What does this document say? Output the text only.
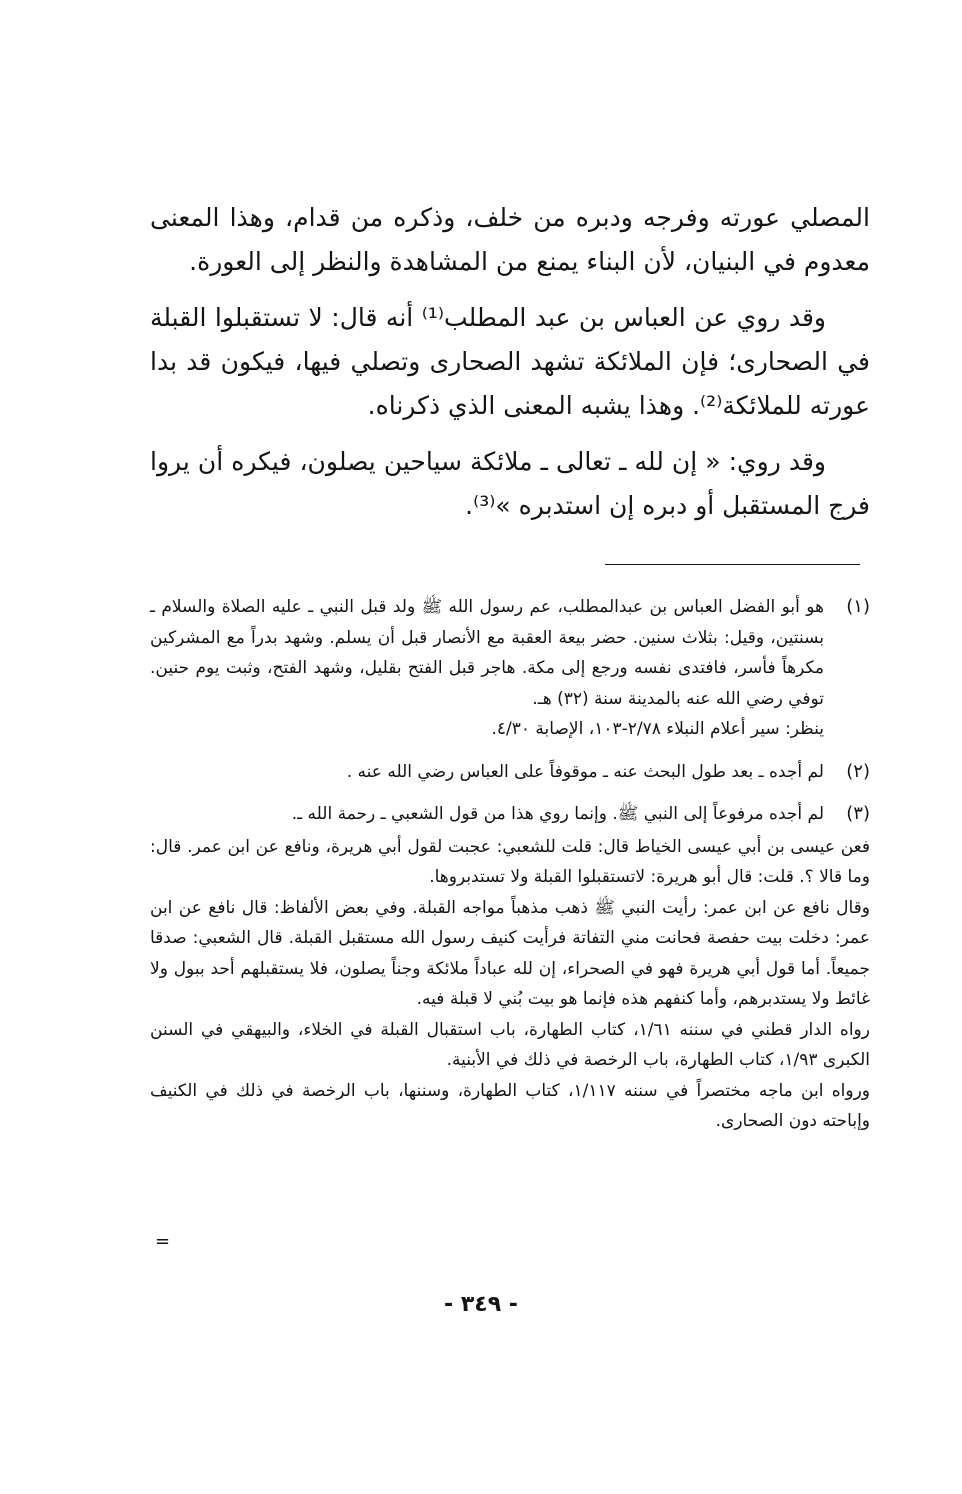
المصلي عورته وفرجه ودبره من خلف، وذكره من قدام، وهذا المعنى معدوم في البنيان، لأن البناء يمنع من المشاهدة والنظر إلى العورة.

وقد روي عن العباس بن عبد المطلب⁽¹⁾ أنه قال: لا تستقبلوا القبلة في الصحارى؛ فإن الملائكة تشهد الصحارى وتصلي فيها، فيكون قد بدا عورته للملائكة⁽²⁾. وهذا يشبه المعنى الذي ذكرناه.

وقد روي: « إن لله ـ تعالى ـ ملائكة سياحين يصلون، فيكره أن يروا فرج المستقبل أو دبره إن استدبره »⁽³⁾.

(١)

هو أبو الفضل العباس بن عبدالمطلب، عم رسول الله ﷺ ولد قبل النبي ـ عليه الصلاة والسلام ـ بسنتين، وقيل: بثلاث سنين. حضر بيعة العقبة مع الأنصار قبل أن يسلم. وشهد بدراً مع المشركين مكرهاً فأسر، فافتدى نفسه ورجع إلى مكة. هاجر قبل الفتح بقليل، وشهد الفتح، وثبت يوم حنين. توفي رضي الله عنه بالمدينة سنة (٣٢) هـ.

ينظر: سير أعلام النبلاء ٢/٧٨-١٠٣، الإصابة ٤/٣٠.

(٢)

لم أجده ـ بعد طول البحث عنه ـ موقوفاً على العباس رضي الله عنه .

(٣)

لم أجده مرفوعاً إلى النبي ﷺ. وإنما روي هذا من قول الشعبي ـ رحمة الله ـ.

فعن عيسى بن أبي عيسى الخياط قال: قلت للشعبي: عجبت لقول أبي هريرة، ونافع عن ابن عمر. قال: وما قالا ؟. قلت: قال أبو هريرة: لاتستقبلوا القبلة ولا تستدبروها.

وقال نافع عن ابن عمر: رأيت النبي ﷺ ذهب مذهباً مواجه القبلة. وفي بعض الألفاظ: قال نافع عن ابن عمر: دخلت بيت حفصة فحانت مني التفاتة فرأيت كنيف رسول الله مستقبل القبلة. قال الشعبي: صدقا جميعاً. أما قول أبي هريرة فهو في الصحراء، إن لله عباداً ملائكة وجناً يصلون، فلا يستقبلهم أحد ببول ولا غائط ولا يستدبرهم، وأما كنفهم هذه فإنما هو بيت بُني لا قبلة فيه.

رواه الدار قطني في سننه ١/٦١، كتاب الطهارة، باب استقبال القبلة في الخلاء، والبيهقي في السنن الكبرى ١/٩٣، كتاب الطهارة، باب الرخصة في ذلك في الأبنية.

ورواه ابن ماجه مختصراً في سننه ١/١١٧، كتاب الطهارة، وسننها، باب الرخصة في ذلك في الكنيف وإباحته دون الصحارى.

=
- ٣٤٩ -
